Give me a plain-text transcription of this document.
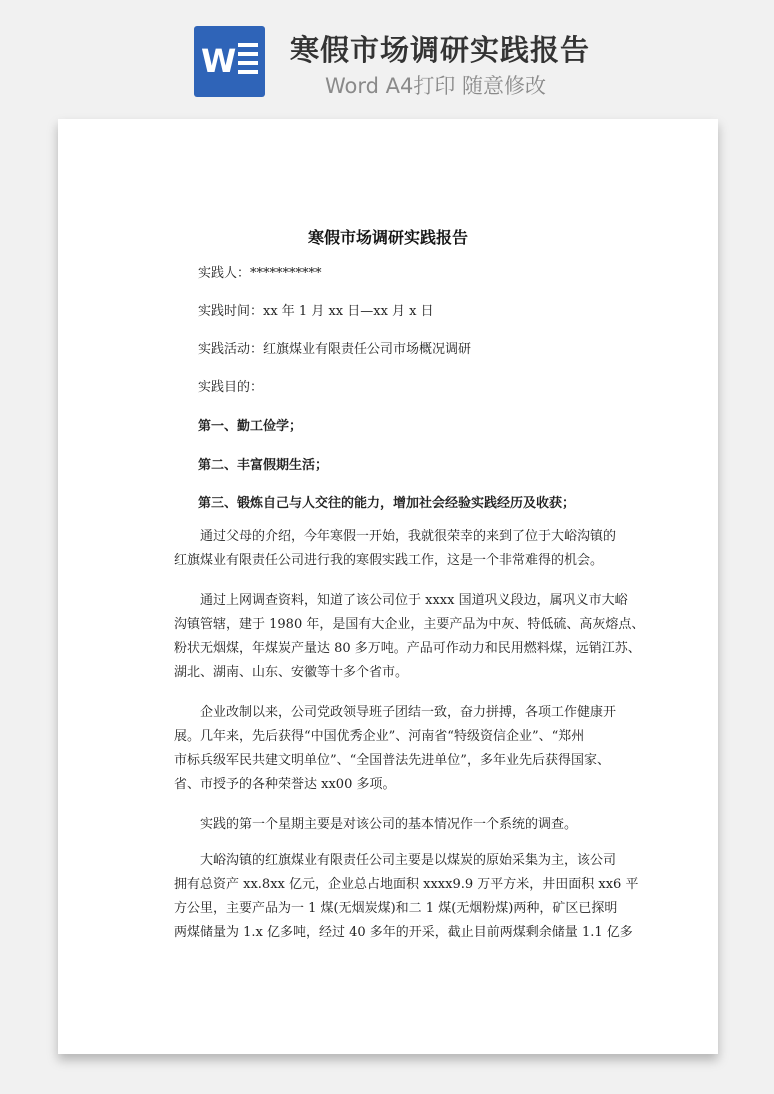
W 寒假市场调研实践报告
Word A4打印 随意修改

寒假市场调研实践报告
实践人：***********
实践时间：xx 年 1 月 xx 日—xx 月 x 日
实践活动：红旗煤业有限责任公司市场概况调研
实践目的：
第一、勤工俭学；
第二、丰富假期生活；
第三、锻炼自己与人交往的能力，增加社会经验实践经历及收获；

通过父母的介绍，今年寒假一开始，我就很荣幸的来到了位于大峪沟镇的

红旗煤业有限责任公司进行我的寒假实践工作，这是一个非常难得的机会。

通过上网调查资料，知道了该公司位于 xxxx 国道巩义段边，属巩义市大峪

沟镇管辖，建于 1980 年，是国有大企业，主要产品为中灰、特低硫、高灰熔点、

粉状无烟煤，年煤炭产量达 80 多万吨。产品可作动力和民用燃料煤，远销江苏、

湖北、湖南、山东、安徽等十多个省市。

企业改制以来，公司党政领导班子团结一致，奋力拼搏，各项工作健康开

展。几年来，先后获得“中国优秀企业”、河南省“特级资信企业”、“郑州

市标兵级军民共建文明单位”、“全国普法先进单位”，多年业先后获得国家、

省、市授予的各种荣誉达 xx00 多项。

实践的第一个星期主要是对该公司的基本情况作一个系统的调查。

大峪沟镇的红旗煤业有限责任公司主要是以煤炭的原始采集为主，该公司

拥有总资产 xx.8xx 亿元，企业总占地面积 xxxx9.9 万平方米，井田面积 xx6 平

方公里，主要产品为一 1 煤(无烟炭煤)和二 1 煤(无烟粉煤)两种，矿区已探明

两煤储量为 1.x 亿多吨，经过 40 多年的开采，截止目前两煤剩余储量 1.1 亿多
